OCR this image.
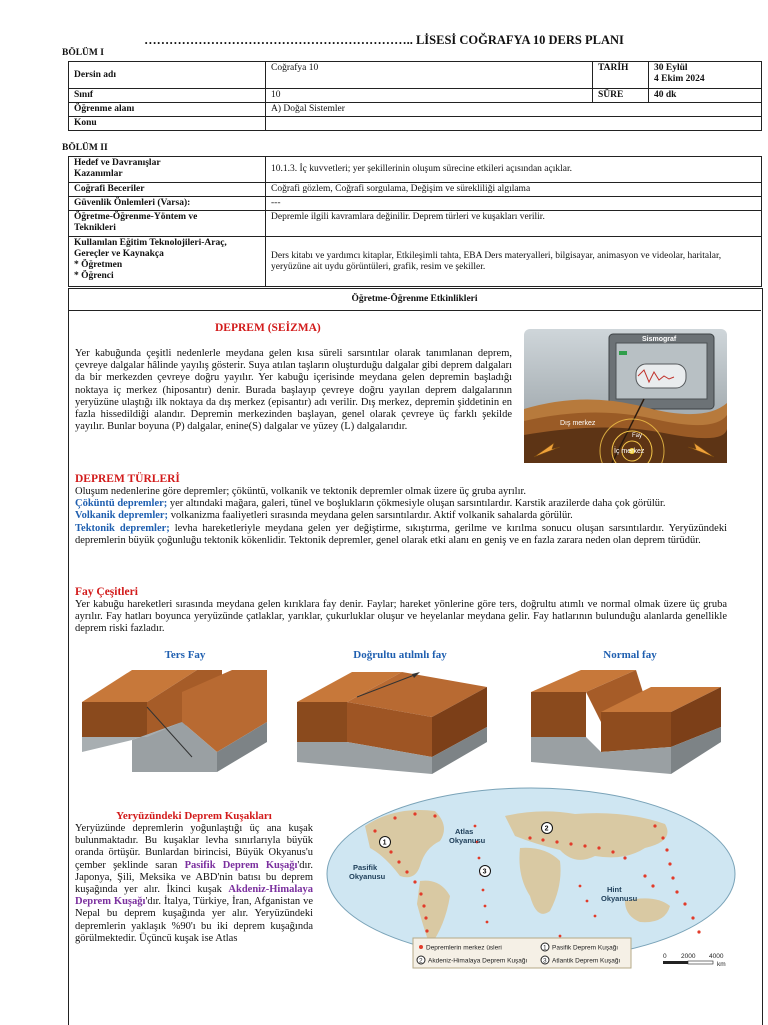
……………………………………………………….. LİSESİ COĞRAFYA 10 DERS PLANI
BÖLÜM I
Dersin adı	Coğrafya 10	TARİH	30 Eylül
4 Ekim 2024

Sınıf	10	SÜRE	40 dk
Öğrenme alanı	A) Doğal Sistemler		
Konu			
BÖLÜM II
Hedef ve Davranışlar
Kazanımlar	10.1.3. İç kuvvetleri; yer şekillerinin oluşum sürecine etkileri açısından açıklar.
Coğrafi Beceriler	Coğrafi gözlem, Coğrafi sorgulama, Değişim ve sürekliliği algılama
Güvenlik Önlemleri (Varsa):	---

Öğretme-Öğrenme-Yöntem ve
Teknikleri	Depremle ilgili kavramlara değinilir. Deprem türleri ve kuşakları verilir.

Kullanılan Eğitim Teknolojileri-Araç,
Gereçler ve Kaynakça
* Öğretmen
* Öğrenci	Ders kitabı ve yardımcı kitaplar, Etkileşimli tahta, EBA Ders materyalleri, bilgisayar, animasyon ve videolar, haritalar, yeryüzüne ait uydu görüntüleri, grafik, resim ve şekiller.
Öğretme-Öğrenme Etkinlikleri
DEPREM (SEİZMA)
Yer kabuğunda çeşitli nedenlerle meydana gelen kısa süreli sarsıntılar olarak tanımlanan deprem, çevreye dalgalar hâlinde yayılış gösterir. Suya atılan taşların oluşturduğu dalgalar gibi deprem dalgaları da bir merkezden çevreye doğru yayılır. Yer kabuğu içerisinde meydana gelen depremin başladığı noktaya iç merkez (hiposantır) denir. Burada başlayıp çevreye doğru yayılan deprem dalgalarının yeryüzüne ulaştığı ilk noktaya da dış merkez (episantır) adı verilir. Dış merkez, depremin şiddetinin en fazla hissedildiği alandır. Depremin merkezinden başlayan, genel olarak çevreye üç farklı şekilde yayılır. Bunlar boyuna (P) dalgalar, enine(S) dalgalar ve yüzey (L) dalgalarıdır.
Sismograf
Dış merkez
İç merkez
Fay
DEPREM TÜRLERİ
Oluşum nedenlerine göre depremler; çöküntü, volkanik ve tektonik depremler olmak üzere üç gruba ayrılır.
Çöküntü depremler; yer altındaki mağara, galeri, tünel ve boşlukların çökmesiyle oluşan sarsıntılardır. Karstik arazilerde daha çok görülür.
Volkanik depremler; volkanizma faaliyetleri sırasında meydana gelen sarsıntılardır. Aktif volkanik sahalarda görülür.
Tektonik depremler; levha hareketleriyle meydana gelen yer değiştirme, sıkıştırma, gerilme ve kırılma sonucu oluşan sarsıntılardır. Yeryüzündeki depremlerin büyük çoğunluğu tektonik kökenlidir. Tektonik depremler, genel olarak etki alanı en geniş ve en fazla zarara neden olan deprem türüdür.
Fay Çeşitleri
Yer kabuğu hareketleri sırasında meydana gelen kırıklara fay denir. Faylar; hareket yönlerine göre ters, doğrultu atımlı ve normal olmak üzere üç gruba ayrılır. Fay hatları boyunca yeryüzünde çatlaklar, yarıklar, çukurluklar oluşur ve heyelanlar meydana gelir. Fay hatlarının bulunduğu alanlarda genellikle deprem riski fazladır.
Ters Fay	Doğrultu atılmlı fay	Normal fay
Yeryüzündeki Deprem Kuşakları
Yeryüzünde depremlerin yoğunlaştığı üç ana kuşak bulunmaktadır. Bu kuşaklar levha sınırlarıyla büyük oranda örtüşür. Bunlardan birincisi, Büyük Okyanus'u çember şeklinde saran Pasifik Deprem Kuşağı'dır. Japonya, Şili, Meksika ve ABD'nin batısı bu deprem kuşağında yer alır. İkinci kuşak Akdeniz-Himalaya Deprem Kuşağı'dır. İtalya, Türkiye, İran, Afganistan ve Nepal bu deprem kuşağında yer alır. Yeryüzündeki depremlerin yaklaşık %90'ı bu iki deprem kuşağında görülmektedir. Üçüncü kuşak ise Atlas
Atlas
Okyanusu
Pasifik
Okyanusu
Hint
Okyanusu
1
2
3
Depremlerin merkez üsleri	1 Pasifik Deprem Kuşağı
2 Akdeniz-Himalaya Deprem Kuşağı 3 Atlantik Deprem Kuşağı
0 2000 4000
km
